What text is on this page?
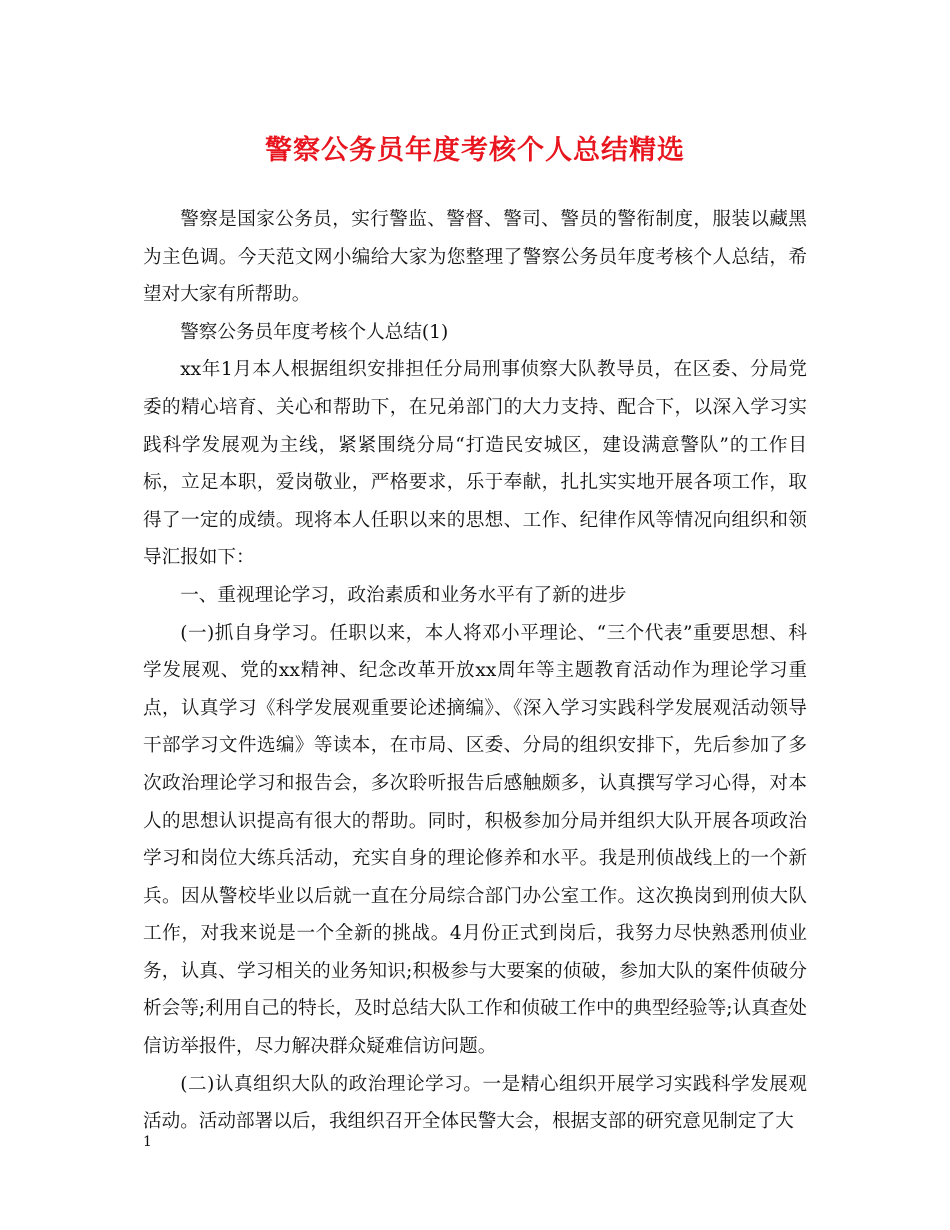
警察公务员年度考核个人总结精选

警察是国家公务员，实行警监、警督、警司、警员的警衔制度，服装以藏黑为主色调。今天范文网小编给大家为您整理了警察公务员年度考核个人总结，希望对大家有所帮助。

警察公务员年度考核个人总结(1)

xx年1月本人根据组织安排担任分局刑事侦察大队教导员，在区委、分局党委的精心培育、关心和帮助下，在兄弟部门的大力支持、配合下，以深入学习实践科学发展观为主线，紧紧围绕分局“打造民安城区，建设满意警队”的工作目标，立足本职，爱岗敬业，严格要求，乐于奉献，扎扎实实地开展各项工作，取得了一定的成绩。现将本人任职以来的思想、工作、纪律作风等情况向组织和领导汇报如下：

一、重视理论学习，政治素质和业务水平有了新的进步

(一)抓自身学习。任职以来，本人将邓小平理论、“三个代表”重要思想、科学发展观、党的xx精神、纪念改革开放xx周年等主题教育活动作为理论学习重点，认真学习《科学发展观重要论述摘编》、《深入学习实践科学发展观活动领导干部学习文件选编》等读本，在市局、区委、分局的组织安排下，先后参加了多次政治理论学习和报告会，多次聆听报告后感触颇多，认真撰写学习心得，对本人的思想认识提高有很大的帮助。同时，积极参加分局并组织大队开展各项政治学习和岗位大练兵活动，充实自身的理论修养和水平。我是刑侦战线上的一个新兵。因从警校毕业以后就一直在分局综合部门办公室工作。这次换岗到刑侦大队工作，对我来说是一个全新的挑战。4月份正式到岗后，我努力尽快熟悉刑侦业务，认真、学习相关的业务知识;积极参与大要案的侦破，参加大队的案件侦破分析会等;利用自己的特长，及时总结大队工作和侦破工作中的典型经验等;认真查处信访举报件，尽力解决群众疑难信访问题。

(二)认真组织大队的政治理论学习。一是精心组织开展学习实践科学发展观活动。活动部署以后，我组织召开全体民警大会，根据支部的研究意见制定了大

1
